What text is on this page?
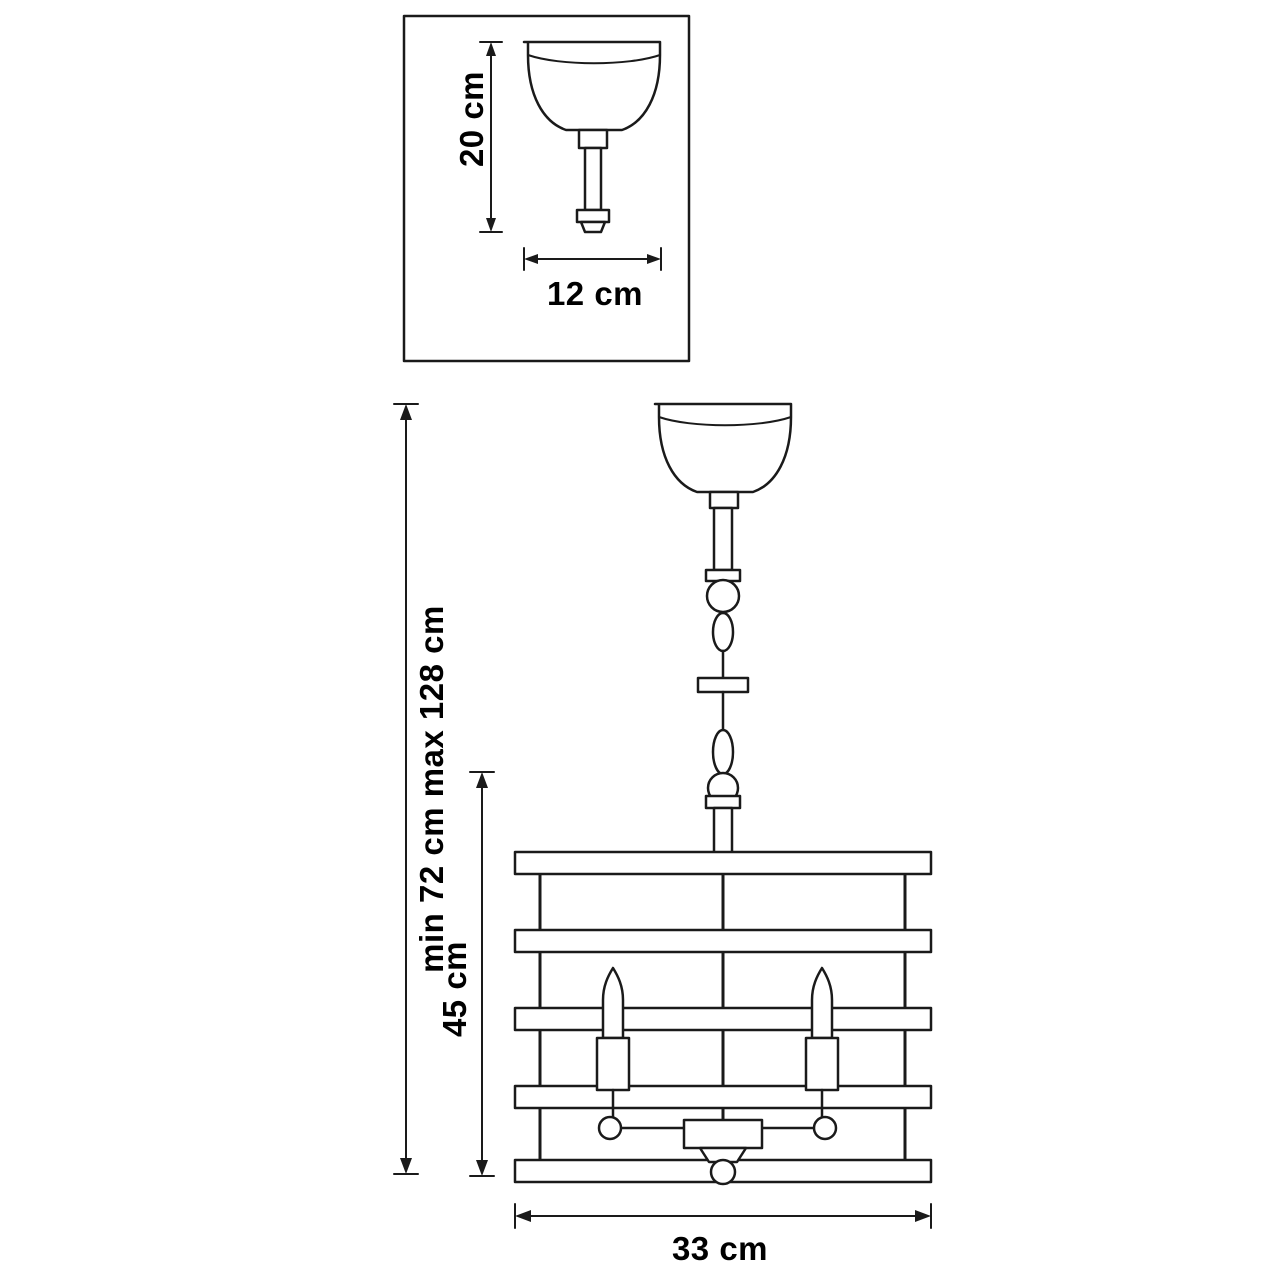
20 cm
12 cm
min 72 cm max 128 cm
45 cm
33 cm
